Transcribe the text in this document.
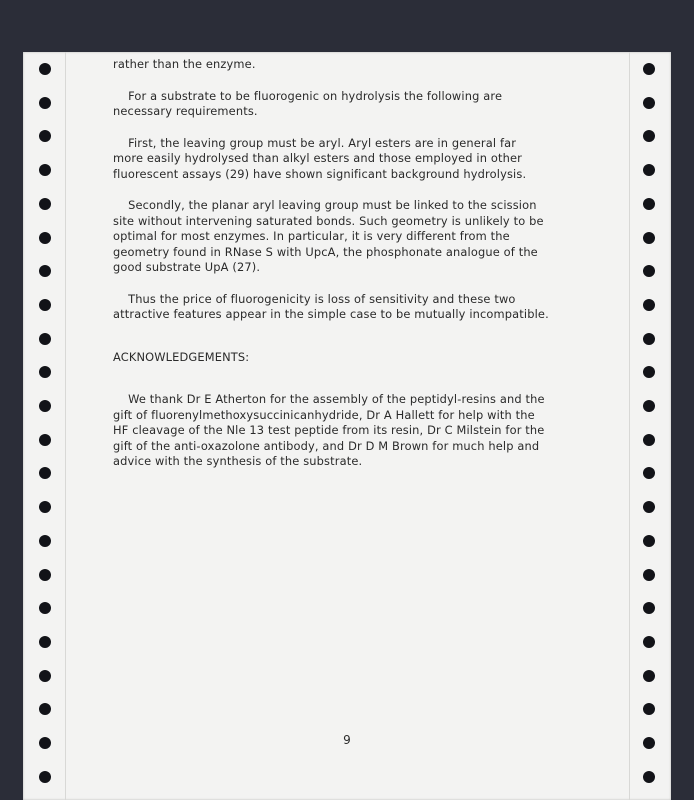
rather than the enzyme.
For a substrate to be fluorogenic on hydrolysis the following are
necessary requirements.
First, the leaving group must be aryl. Aryl esters are in general far
more easily hydrolysed than alkyl esters and those employed in other
fluorescent assays (29) have shown significant background hydrolysis.
Secondly, the planar aryl leaving group must be linked to the scission
site without intervening saturated bonds. Such geometry is unlikely to be
optimal for most enzymes. In particular, it is very different from the
geometry found in RNase S with UpcA, the phosphonate analogue of the
good substrate UpA (27).
Thus the price of fluorogenicity is loss of sensitivity and these two
attractive features appear in the simple case to be mutually incompatible.
ACKNOWLEDGEMENTS:
We thank Dr E Atherton for the assembly of the peptidyl-resins and the
gift of fluorenylmethoxysuccinicanhydride, Dr A Hallett for help with the
HF cleavage of the Nle 13 test peptide from its resin, Dr C Milstein for the
gift of the anti-oxazolone antibody, and Dr D M Brown for much help and
advice with the synthesis of the substrate.
9
